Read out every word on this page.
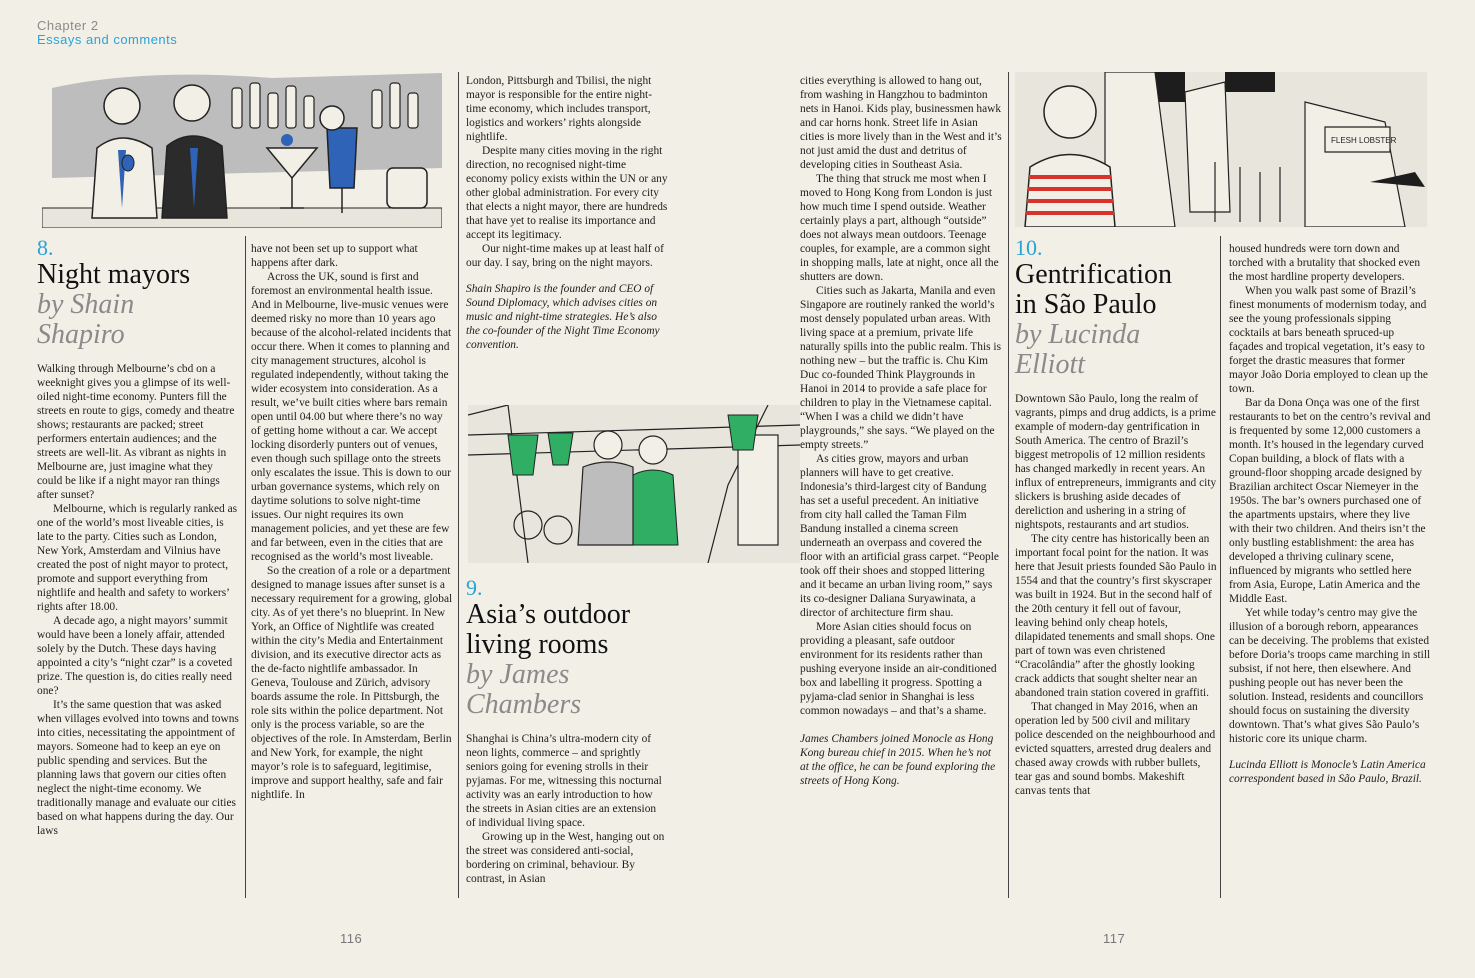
Chapter 2
Essays and comments
FLESH LOBSTER
8.
Night mayors
by Shain
Shapiro

Walking through Melbourne’s cbd on a weeknight gives you a glimpse of its well-oiled night-time economy. Punters fill the streets en route to gigs, comedy and theatre shows; restaurants are packed; street performers entertain audiences; and the streets are well-lit. As vibrant as nights in Melbourne are, just imagine what they could be like if a night mayor ran things after sunset?

Melbourne, which is regularly ranked as one of the world’s most liveable cities, is late to the party. Cities such as London, New York, Amsterdam and Vilnius have created the post of night mayor to protect, promote and support everything from nightlife and health and safety to workers’ rights after 18.00.

A decade ago, a night mayors’ summit would have been a lonely affair, attended solely by the Dutch. These days having appointed a city’s “night czar” is a coveted prize. The question is, do cities really need one?

It’s the same question that was asked when villages evolved into towns and towns into cities, necessitating the appointment of mayors. Someone had to keep an eye on public spending and services. But the planning laws that govern our cities often neglect the night-time economy. We traditionally manage and evaluate our cities based on what happens during the day. Our laws

have not been set up to support what happens after dark.

Across the UK, sound is first and foremost an environmental health issue. And in Melbourne, live-music venues were deemed risky no more than 10 years ago because of the alcohol-related incidents that occur there. When it comes to planning and city management structures, alcohol is regulated independently, without taking the wider ecosystem into consideration. As a result, we’ve built cities where bars remain open until 04.00 but where there’s no way of getting home without a car. We accept locking disorderly punters out of venues, even though such spillage onto the streets only escalates the issue. This is down to our urban governance systems, which rely on daytime solutions to solve night-time issues. Our night requires its own management policies, and yet these are few and far between, even in the cities that are recognised as the world’s most liveable.

So the creation of a role or a department designed to manage issues after sunset is a necessary requirement for a growing, global city. As of yet there’s no blueprint. In New York, an Office of Nightlife was created within the city’s Media and Entertainment division, and its executive director acts as the de-facto nightlife ambassador. In Geneva, Toulouse and Zürich, advisory boards assume the role. In Pittsburgh, the role sits within the police department. Not only is the process variable, so are the objectives of the role. In Amsterdam, Berlin and New York, for example, the night mayor’s role is to safeguard, legitimise, improve and support healthy, safe and fair nightlife. In

London, Pittsburgh and Tbilisi, the night mayor is responsible for the entire night-time economy, which includes transport, logistics and workers’ rights alongside nightlife.

Despite many cities moving in the right direction, no recognised night-time economy policy exists within the UN or any other global administration. For every city that elects a night mayor, there are hundreds that have yet to realise its importance and accept its legitimacy.

Our night-time makes up at least half of our day. I say, bring on the night mayors.

Shain Shapiro is the founder and CEO of Sound Diplomacy, which advises cities on music and night-time strategies. He’s also the co-founder of the Night Time Economy convention.

9.
Asia’s outdoor
living rooms
by James
Chambers

Shanghai is China’s ultra-modern city of neon lights, commerce – and sprightly seniors going for evening strolls in their pyjamas. For me, witnessing this nocturnal activity was an early introduction to how the streets in Asian cities are an extension of individual living space.

Growing up in the West, hanging out on the street was considered anti-social, bordering on criminal, behaviour. By contrast, in Asian

cities everything is allowed to hang out, from washing in Hangzhou to badminton nets in Hanoi. Kids play, businessmen hawk and car horns honk. Street life in Asian cities is more lively than in the West and it’s not just amid the dust and detritus of developing cities in Southeast Asia.

The thing that struck me most when I moved to Hong Kong from London is just how much time I spend outside. Weather certainly plays a part, although “outside” does not always mean outdoors. Teenage couples, for example, are a common sight in shopping malls, late at night, once all the shutters are down.

Cities such as Jakarta, Manila and even Singapore are routinely ranked the world’s most densely populated urban areas. With living space at a premium, private life naturally spills into the public realm. This is nothing new – but the traffic is. Chu Kim Duc co-founded Think Playgrounds in Hanoi in 2014 to provide a safe place for children to play in the Vietnamese capital. “When I was a child we didn’t have playgrounds,” she says. “We played on the empty streets.”

As cities grow, mayors and urban planners will have to get creative. Indonesia’s third-largest city of Bandung has set a useful precedent. An initiative from city hall called the Taman Film Bandung installed a cinema screen underneath an overpass and covered the floor with an artificial grass carpet. “People took off their shoes and stopped littering and it became an urban living room,” says its co-designer Daliana Suryawinata, a director of architecture firm shau.

More Asian cities should focus on providing a pleasant, safe outdoor environment for its residents rather than pushing everyone inside an air-conditioned box and labelling it progress. Spotting a pyjama-clad senior in Shanghai is less common nowadays – and that’s a shame.

James Chambers joined Monocle as Hong Kong bureau chief in 2015. When he’s not at the office, he can be found exploring the streets of Hong Kong.

10.
Gentrification
in São Paulo
by Lucinda
Elliott

Downtown São Paulo, long the realm of vagrants, pimps and drug addicts, is a prime example of modern-day gentrification in South America. The centro of Brazil’s biggest metropolis of 12 million residents has changed markedly in recent years. An influx of entrepreneurs, immigrants and city slickers is brushing aside decades of dereliction and ushering in a string of nightspots, restaurants and art studios.

The city centre has historically been an important focal point for the nation. It was here that Jesuit priests founded São Paulo in 1554 and that the country’s first skyscraper was built in 1924. But in the second half of the 20th century it fell out of favour, leaving behind only cheap hotels, dilapidated tenements and small shops. One part of town was even christened “Cracolândia” after the ghostly looking crack addicts that sought shelter near an abandoned train station covered in graffiti.

That changed in May 2016, when an operation led by 500 civil and military police descended on the neighbourhood and evicted squatters, arrested drug dealers and chased away crowds with rubber bullets, tear gas and sound bombs. Makeshift canvas tents that

housed hundreds were torn down and torched with a brutality that shocked even the most hardline property developers.

When you walk past some of Brazil’s finest monuments of modernism today, and see the young professionals sipping cocktails at bars beneath spruced-up façades and tropical vegetation, it’s easy to forget the drastic measures that former mayor João Doria employed to clean up the town.

Bar da Dona Onça was one of the first restaurants to bet on the centro’s revival and is frequented by some 12,000 customers a month. It’s housed in the legendary curved Copan building, a block of flats with a ground-floor shopping arcade designed by Brazilian architect Oscar Niemeyer in the 1950s. The bar’s owners purchased one of the apartments upstairs, where they live with their two children. And theirs isn’t the only bustling establishment: the area has developed a thriving culinary scene, influenced by migrants who settled here from Asia, Europe, Latin America and the Middle East.

Yet while today’s centro may give the illusion of a borough reborn, appearances can be deceiving. The problems that existed before Doria’s troops came marching in still subsist, if not here, then elsewhere. And pushing people out has never been the solution. Instead, residents and councillors should focus on sustaining the diversity downtown. That’s what gives São Paulo’s historic core its unique charm.

Lucinda Elliott is Monocle’s Latin America correspondent based in São Paulo, Brazil.

116	117
